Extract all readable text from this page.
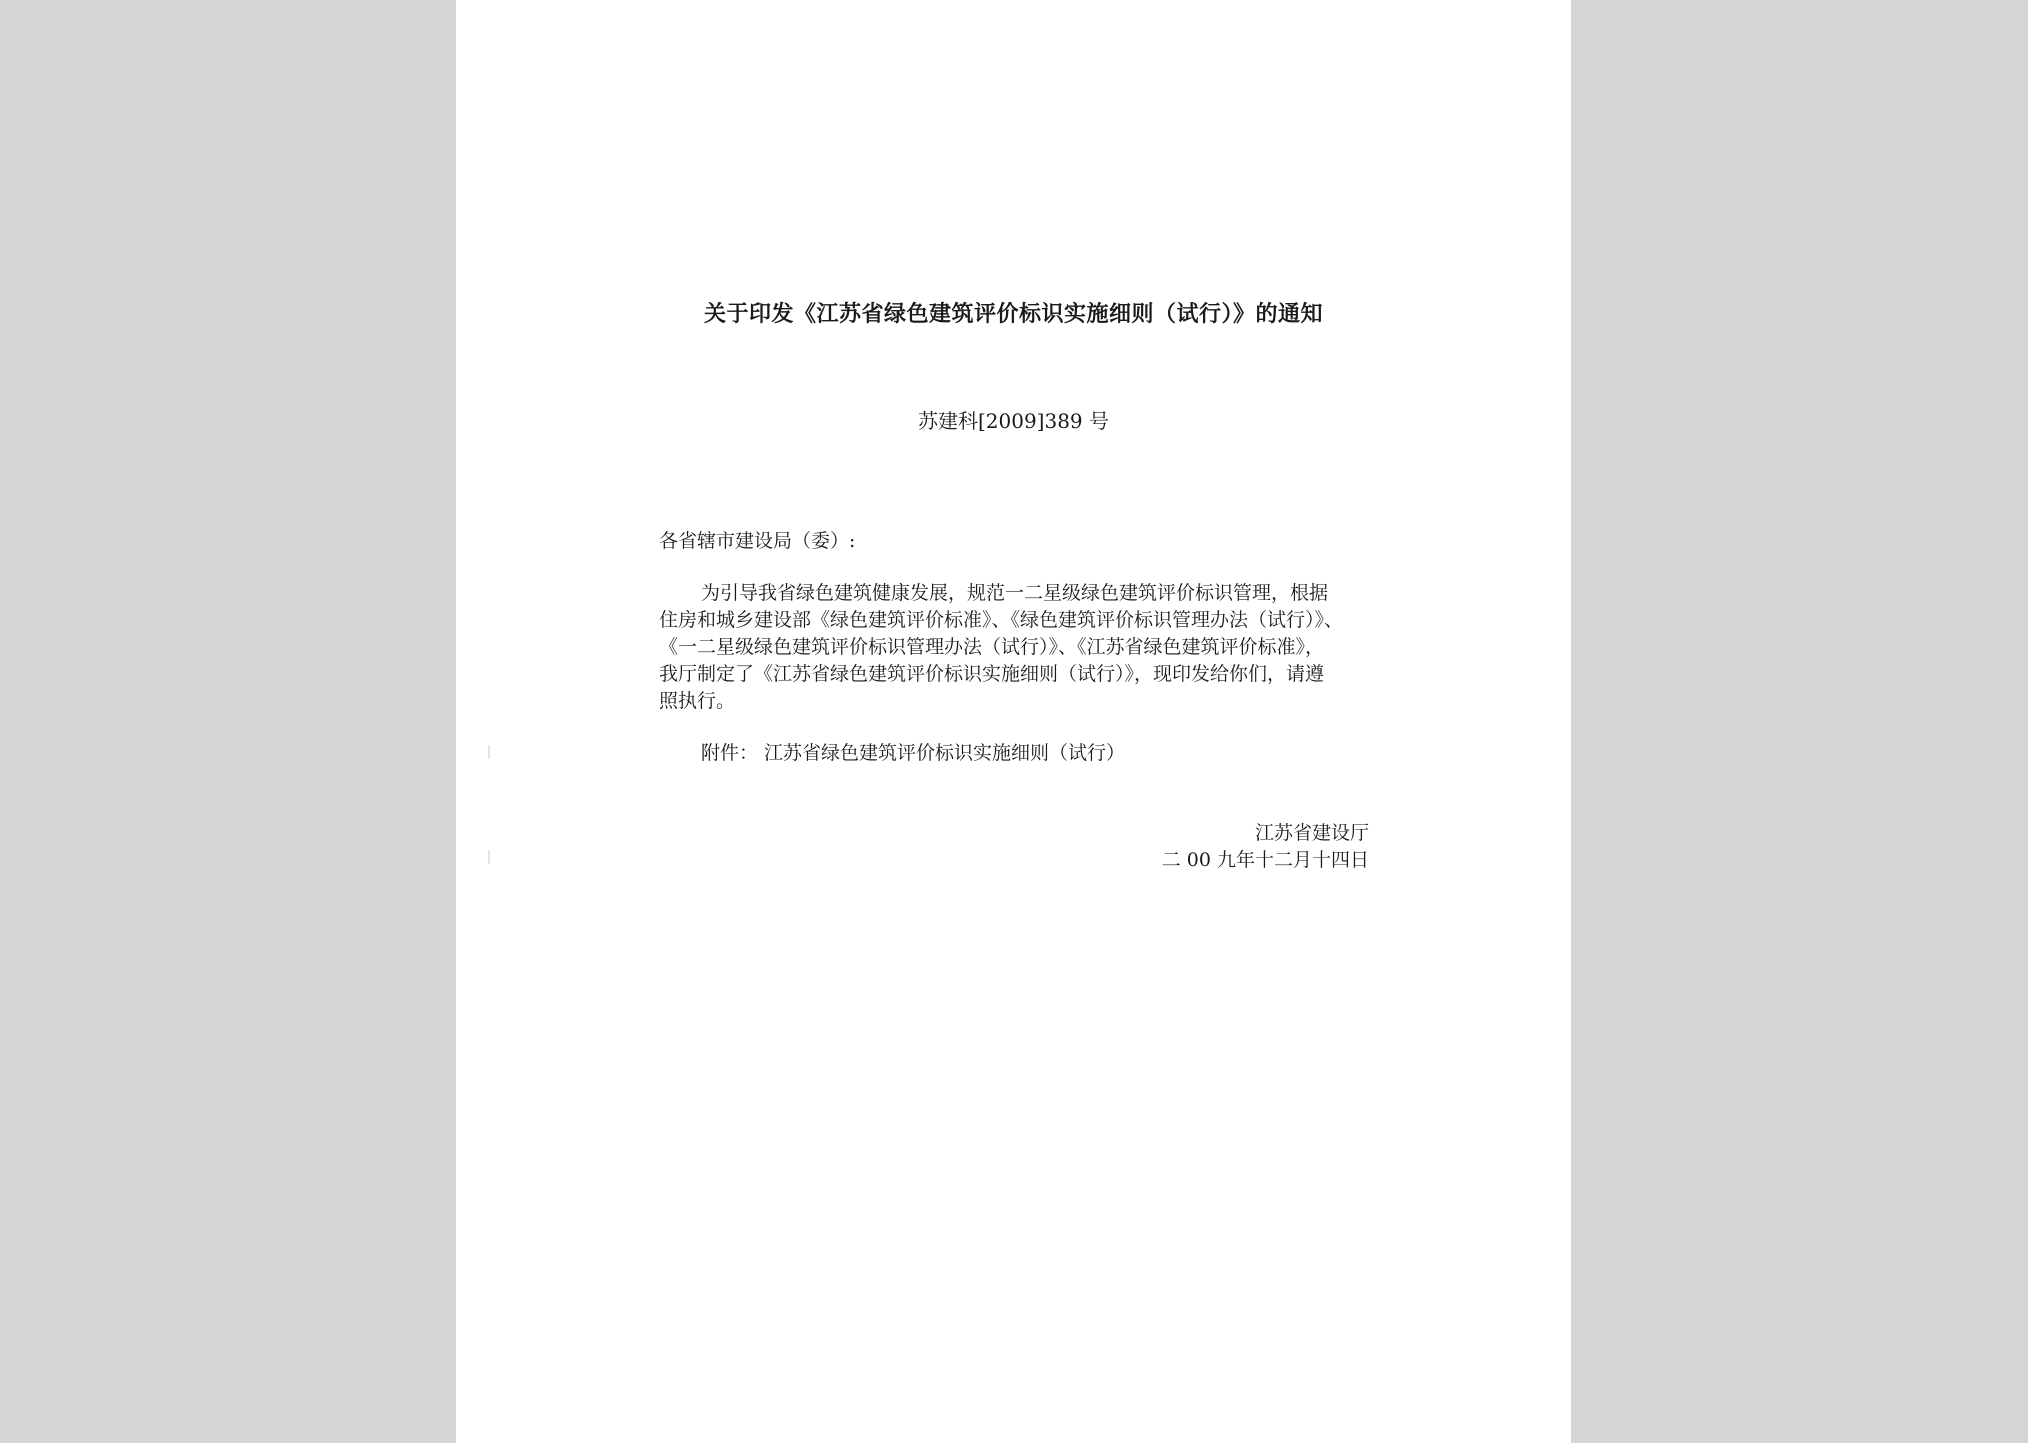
关于印发《江苏省绿色建筑评价标识实施细则（试行）》的通知
苏建科[2009]389 号
各省辖市建设局（委）:
为引导我省绿色建筑健康发展，规范一二星级绿色建筑评价标识管理，根据
住房和城乡建设部《绿色建筑评价标准》、《绿色建筑评价标识管理办法（试行）》、
《一二星级绿色建筑评价标识管理办法（试行）》、《江苏省绿色建筑评价标准》，
我厅制定了《江苏省绿色建筑评价标识实施细则（试行）》，现印发给你们，请遵
照执行。
附件： 江苏省绿色建筑评价标识实施细则（试行）
江苏省建设厅
二 00 九年十二月十四日
